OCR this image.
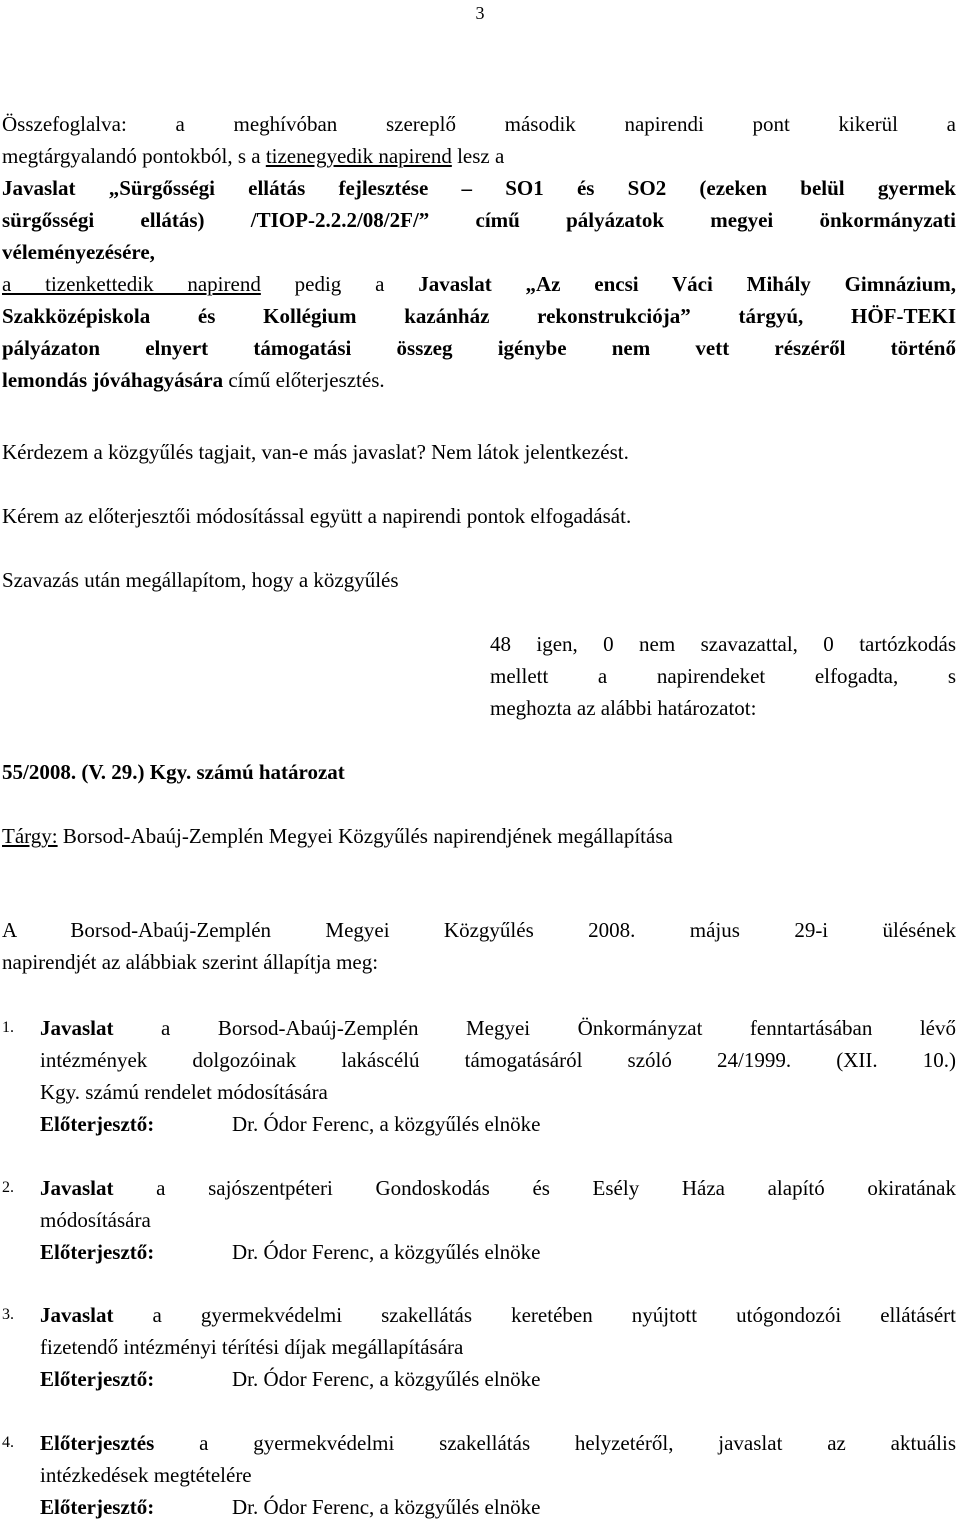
3
Összefoglalva: a meghívóban szereplő második napirendi pont kikerül a
megtárgyalandó pontokból, s a tizenegyedik napirend lesz a
Javaslat „Sürgősségi ellátás fejlesztése – SO1 és SO2 (ezeken belül gyermek
sürgősségi ellátás) /TIOP-2.2.2/08/2F/” című pályázatok megyei önkormányzati
véleményezésére,
a tizenkettedik napirend pedig a Javaslat „Az encsi Váci Mihály Gimnázium,
Szakközépiskola és Kollégium kazánház rekonstrukciója” tárgyú, HÖF-TEKI
pályázaton elnyert támogatási összeg igénybe nem vett részéről történő
lemondás jóváhagyására című előterjesztés.
Kérdezem a közgyűlés tagjait, van-e más javaslat? Nem látok jelentkezést.
Kérem az előterjesztői módosítással együtt a napirendi pontok elfogadását.
Szavazás után megállapítom, hogy a közgyűlés
48 igen, 0 nem szavazattal, 0 tartózkodás
mellett a napirendeket elfogadta, s
meghozta az alábbi határozatot:
55/2008. (V. 29.) Kgy. számú határozat
Tárgy: Borsod-Abaúj-Zemplén Megyei Közgyűlés napirendjének megállapítása
A Borsod-Abaúj-Zemplén Megyei Közgyűlés 2008. május 29-i ülésének
napirendjét az alábbiak szerint állapítja meg:
1. Javaslat a Borsod-Abaúj-Zemplén Megyei Önkormányzat fenntartásában lévő
intézmények dolgozóinak lakáscélú támogatásáról szóló 24/1999. (XII. 10.)
Kgy. számú rendelet módosítására
Előterjesztő:	Dr. Ódor Ferenc, a közgyűlés elnöke
2. Javaslat a sajószentpéteri Gondoskodás és Esély Háza alapító okiratának
módosítására
Előterjesztő:	Dr. Ódor Ferenc, a közgyűlés elnöke
3. Javaslat a gyermekvédelmi szakellátás keretében nyújtott utógondozói ellátásért
fizetendő intézményi térítési díjak megállapítására
Előterjesztő:	Dr. Ódor Ferenc, a közgyűlés elnöke
4. Előterjesztés a gyermekvédelmi szakellátás helyzetéről, javaslat az aktuális
intézkedések megtételére
Előterjesztő:	Dr. Ódor Ferenc, a közgyűlés elnöke
